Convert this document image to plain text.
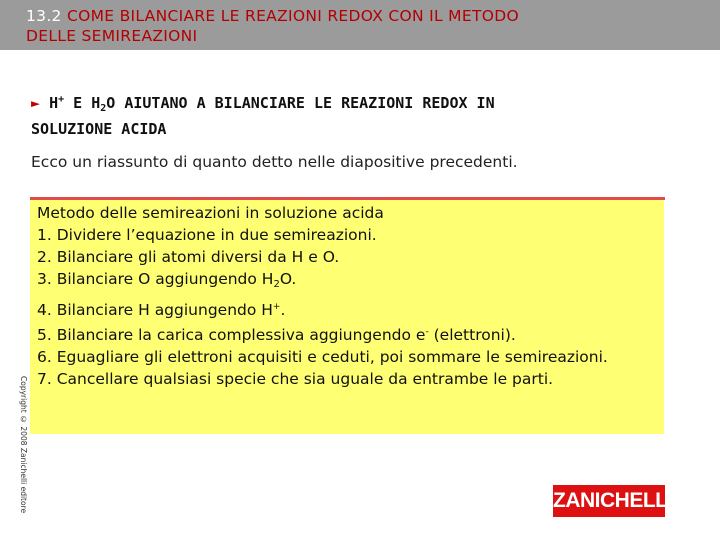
13.2 COME BILANCIARE LE REAZIONI REDOX CON IL METODO
DELLE SEMIREAZIONI
► H+ E $H_2O$ AIUTANO A BILANCIARE LE REAZIONI REDOX IN
SOLUZIONE ACIDA
Ecco un riassunto di quanto detto nelle diapositive precedenti.
Metodo delle semireazioni in soluzione acida
1. Dividere l’equazione in due semireazioni.
2. Bilanciare gli atomi diversi da H e O.
3. Bilanciare O aggiungendo $H_2O$.
4. Bilanciare H aggiungendo H+.
5. Bilanciare la carica complessiva aggiungendo e- (elettroni).
6. Eguagliare gli elettroni acquisiti e ceduti, poi sommare le semireazioni.
7. Cancellare qualsiasi specie che sia uguale da entrambe le parti.
Copyright © 2008 Zanichelli editore	ZANICHELLI
